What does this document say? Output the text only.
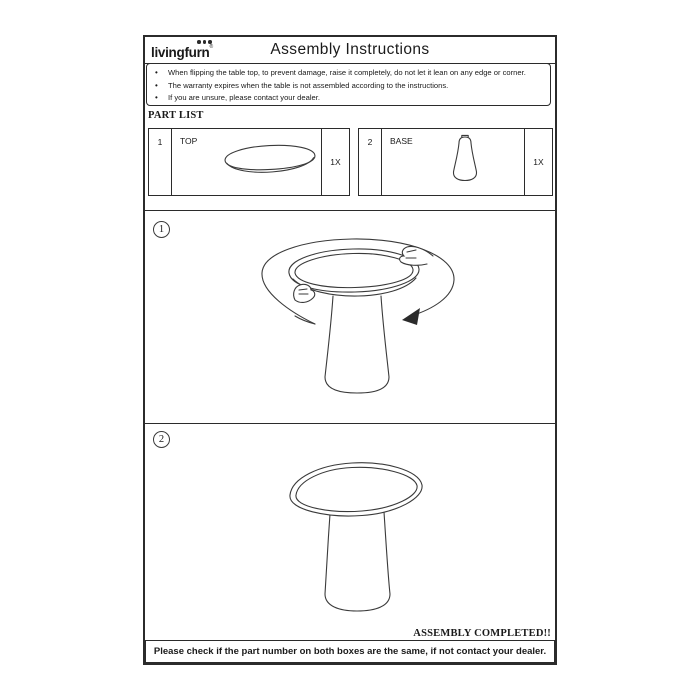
livingfurn®	Assembly Instructions
• When flipping the table top, to prevent damage, raise it completely, do not let it lean on any edge or corner.
• The warranty expires when the table is not assembled according to the instructions.
• If you are unsure, please contact your dealer.
PART LIST
1	TOP
1X
2	BASE
1X
1
2
ASSEMBLY COMPLETED!!
Please check if the part number on both boxes are the same, if not contact your dealer.
